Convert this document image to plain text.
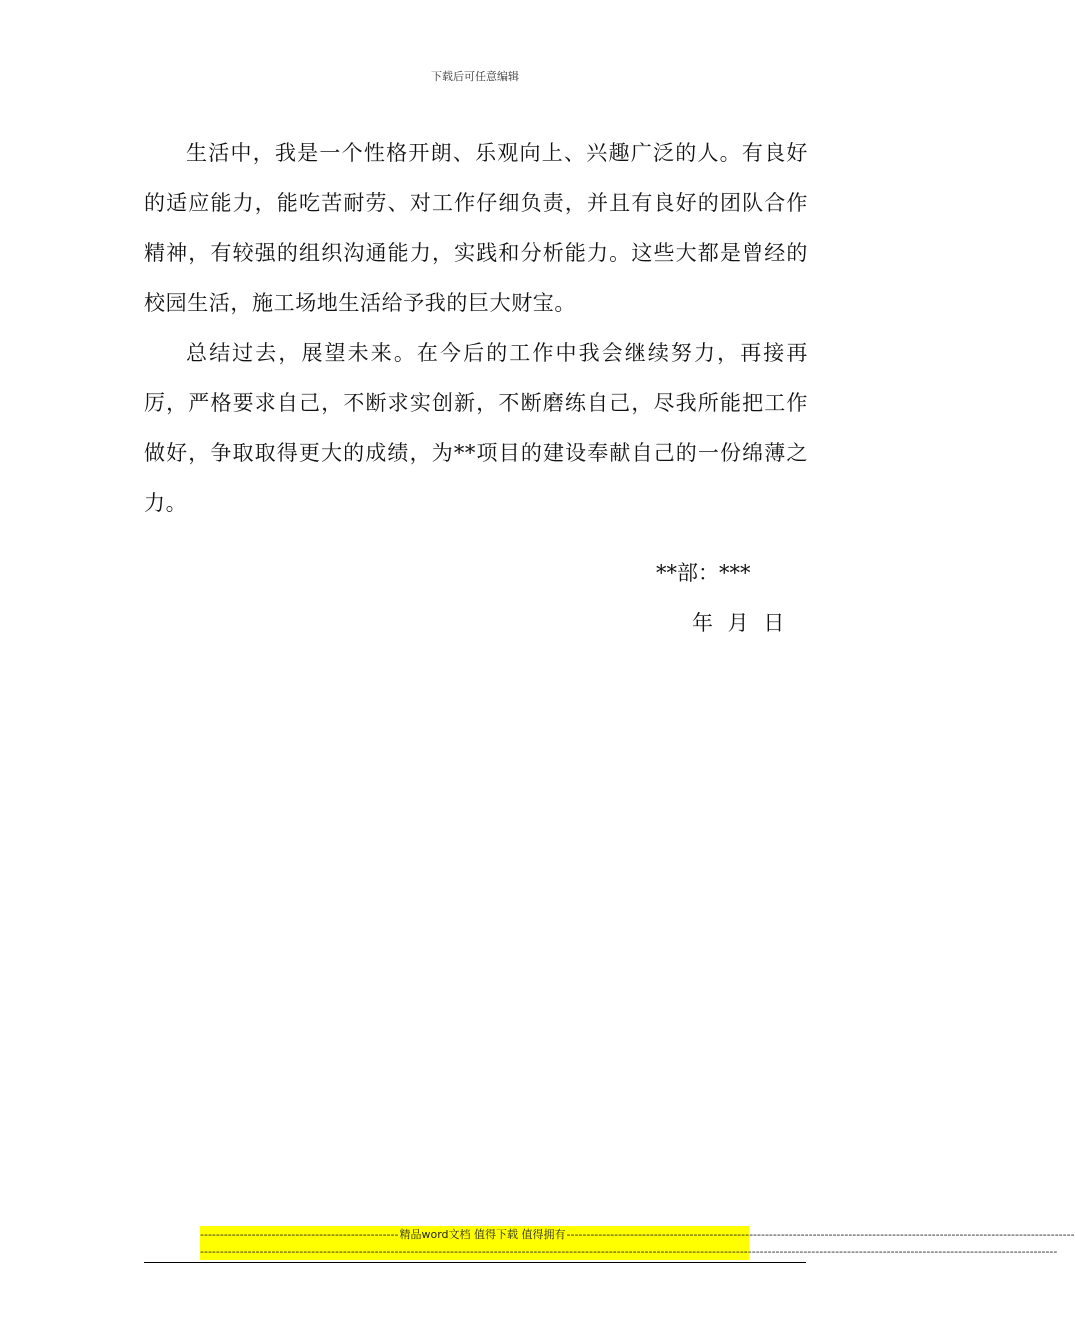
下载后可任意编辑

生活中，我是一个性格开朗、乐观向上、兴趣广泛的人。有良好的适应能力，能吃苦耐劳、对工作仔细负责，并且有良好的团队合作精神，有较强的组织沟通能力，实践和分析能力。这些大都是曾经的校园生活，施工场地生活给予我的巨大财宝。

总结过去，展望未来。在今后的工作中我会继续努力，再接再厉，严格要求自己，不断求实创新，不断磨练自己，尽我所能把工作做好，争取取得更大的成绩，为**项目的建设奉献自己的一份绵薄之力。

**部：***
年 月 日
-------------------------------------------------- 精品word文档 值得下载 值得拥有 --------------------------------------------------------------------------------------------------------------------------------
------------------------------------------------------------------------------------------------------------------------------------------------------------------------------------------------------------------------
